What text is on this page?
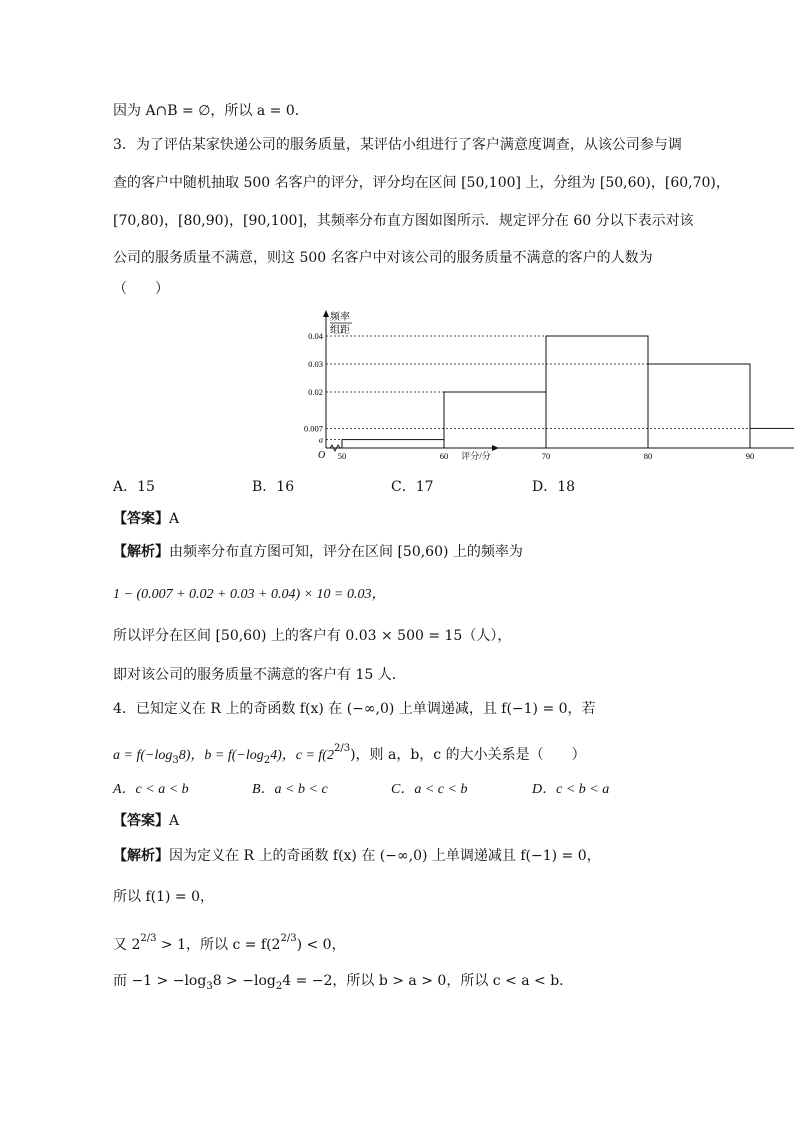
因为 A∩B = ∅，所以 a = 0．
3．为了评估某家快递公司的服务质量，某评估小组进行了客户满意度调查，从该公司参与调
查的客户中随机抽取 500 名客户的评分，评分均在区间 [50,100] 上，分组为 [50,60)，[60,70)，
[70,80)，[80,90)，[90,100]，其频率分布直方图如图所示．规定评分在 60 分以下表示对该
公司的服务质量不满意，则这 500 名客户中对该公司的服务质量不满意的客户的人数为
（　　）
频率
组距
O
0.04
0.03
0.02
0.007
a
50	60	70	80	90
评分/分
A．15	B．16	C．17	D．18
【答案】A
【解析】由频率分布直方图可知，评分在区间 [50,60) 上的频率为
1 − (0.007 + 0.02 + 0.03 + 0.04) × 10 = 0.03，
所以评分在区间 [50,60) 上的客户有 0.03 × 500 = 15（人），
即对该公司的服务质量不满意的客户有 15 人．
4．已知定义在 R 上的奇函数 f(x) 在 (−∞,0) 上单调递减，且 f(−1) = 0，若
$a = f(-\log_38)$，$b = f(-\log_24)$，$c = f(2^{2/3})$，则 a，b，c 的大小关系是（　　）
A．c < a < b	B．a < b < c	C．a < c < b	D．c < b < a
【答案】A
【解析】因为定义在 R 上的奇函数 f(x) 在 (−∞,0) 上单调递减且 f(−1) = 0，
所以 f(1) = 0，
又 $2^{2/3} > 1$，所以 $c = f(2^{2/3}) < 0$，
而 $-1 > -\log_38 > -\log_24 = -2$，所以 b > a > 0，所以 c < a < b．
